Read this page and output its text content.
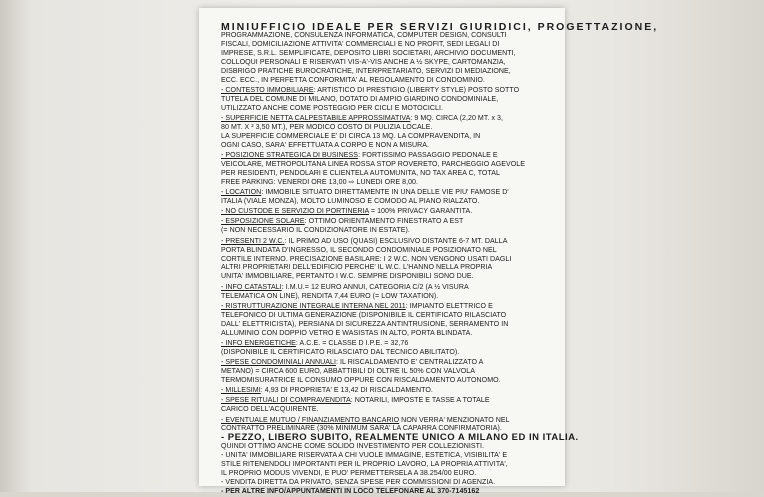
MINIUFFICIO IDEALE PER SERVIZI GIURIDICI, PROGETTAZIONE,
PROGRAMMAZIONE, CONSULENZA INFORMATICA, COMPUTER DESIGN, CONSULTI
FISCALI, DOMICILIAZIONE ATTIVITA' COMMERCIALI E NO PROFIT, SEDI LEGALI DI
IMPRESE, S.R.L. SEMPLIFICATE, DEPOSITO LIBRI SOCIETARI, ARCHIVIO DOCUMENTI,
COLLOQUI PERSONALI E RISERVATI VIS-A'-VIS ANCHE A ½ SKYPE, CARTOMANZIA,
DISBRIGO PRATICHE BUROCRATICHE, INTERPRETARIATO, SERVIZI DI MEDIAZIONE,
ECC. ECC., IN PERFETTA CONFORMITA' AL REGOLAMENTO DI CONDOMINIO.
- CONTESTO IMMOBILIARE: ARTISTICO DI PRESTIGIO (LIBERTY STYLE) POSTO SOTTO
TUTELA DEL COMUNE DI MILANO, DOTATO DI AMPIO GIARDINO CONDOMINIALE,
UTILIZZATO ANCHE COME POSTEGGIO PER CICLI E MOTOCICLI.
- SUPERFICIE NETTA CALPESTABILE APPROSSIMATIVA: 9 MQ. CIRCA (2,20 MT. x 3,
80 MT. X ² 3,50 MT.), PER MODICO COSTO DI PULIZIA LOCALE.
LA SUPERFICIE COMMERCIALE E' DI CIRCA 13 MQ. LA COMPRAVENDITA, IN
OGNI CASO, SARA' EFFETTUATA A CORPO E NON A MISURA.
- POSIZIONE STRATEGICA DI BUSINESS: FORTISSIMO PASSAGGIO PEDONALE E
VEICOLARE, METROPOLITANA LINEA ROSSA STOP ROVERETO, PARCHEGGIO AGEVOLE
PER RESIDENTI, PENDOLARI E CLIENTELA AUTOMUNITA, NO TAX AREA C, TOTAL
FREE PARKING: VENERDI ORE 13,00 ⇨ LUNEDI ORE 8,00.
- LOCATION: IMMOBILE SITUATO DIRETTAMENTE IN UNA DELLE VIE PIU' FAMOSE D'
ITALIA (VIALE MONZA), MOLTO LUMINOSO E COMODO AL PIANO RIALZATO.
- NO CUSTODE E SERVIZIO DI PORTINERIA = 100% PRIVACY GARANTITA.
- ESPOSIZIONE SOLARE: OTTIMO ORIENTAMENTO FINESTRATO A EST
(= NON NECESSARIO IL CONDIZIONATORE IN ESTATE).
- PRESENTI 2 W.C.: IL PRIMO AD USO (QUASI) ESCLUSIVO DISTANTE 6-7 MT. DALLA
PORTA BLINDATA D'INGRESSO, IL SECONDO CONDOMINIALE POSIZIONATO NEL
CORTILE INTERNO. PRECISAZIONE BASILARE: I 2 W.C. NON VENGONO USATI DAGLI
ALTRI PROPRIETARI DELL'EDIFICIO PERCHE' IL W.C. L'HANNO NELLA PROPRIA
UNITA' IMMOBILIARE, PERTANTO I W.C. SEMPRE DISPONIBILI SONO DUE.
- INFO CATASTALI: I.M.U.= 12 EURO ANNUI, CATEGORIA C/2 (A ½ VISURA
TELEMATICA ON LINE), RENDITA 7,44 EURO (= LOW TAXATION).
- RISTRUTTURAZIONE INTEGRALE INTERNA NEL 2011: IMPIANTO ELETTRICO E
TELEFONICO DI ULTIMA GENERAZIONE (DISPONIBILE IL CERTIFICATO RILASCIATO
DALL' ELETTRICISTA), PERSIANA DI SICUREZZA ANTINTRUSIONE, SERRAMENTO IN
ALLUMINIO CON DOPPIO VETRO E WASISTAS IN ALTO, PORTA BLINDATA.
- INFO ENERGETICHE: A.C.E. = CLASSE D I.P.E. = 32,76
(DISPONIBILE IL CERTIFICATO RILASCIATO DAL TECNICO ABILITATO).
- SPESE CONDOMINIALI ANNUALI: IL RISCALDAMENTO E' CENTRALIZZATO A
METANO) = CIRCA 600 EURO, ABBATTIBILI DI OLTRE IL 50% CON VALVOLA
TERMOMISURATRICE IL CONSUMO OPPURE CON RISCALDAMENTO AUTONOMO.
- MILLESIMI: 4,93 DI PROPRIETA' E 13,42 DI RISCALDAMENTO.
- SPESE RITUALI DI COMPRAVENDITA: NOTARILI, IMPOSTE E TASSE A TOTALE
CARICO DELL'ACQUIRENTE.
- EVENTUALE MUTUO / FINANZIAMENTO BANCARIO NON VERRA' MENZIONATO NEL
CONTRATTO PRELIMINARE (30% MINIMUM SARA' LA CAPARRA CONFIRMATORIA).
- PEZZO, LIBERO SUBITO, REALMENTE UNICO A MILANO ED IN ITALIA.
QUINDI OTTIMO ANCHE COME SOLIDO INVESTIMENTO PER COLLEZIONISTI.
- UNITA' IMMOBILIARE RISERVATA A CHI VUOLE IMMAGINE, ESTETICA, VISIBILITA' E
STILE RITENENDOLI IMPORTANTI PER IL PROPRIO LAVORO, LA PROPRIA ATTIVITA',
IL PROPRIO MODUS VIVENDI, E PUO' PERMETTERSELA A 38.254/00 EURO.
- VENDITA DIRETTA DA PRIVATO, SENZA SPESE PER COMMISSIONI DI AGENZIA.
- PER ALTRE INFO/APPUNTAMENTI IN LOCO TELEFONARE AL 370-7145162
